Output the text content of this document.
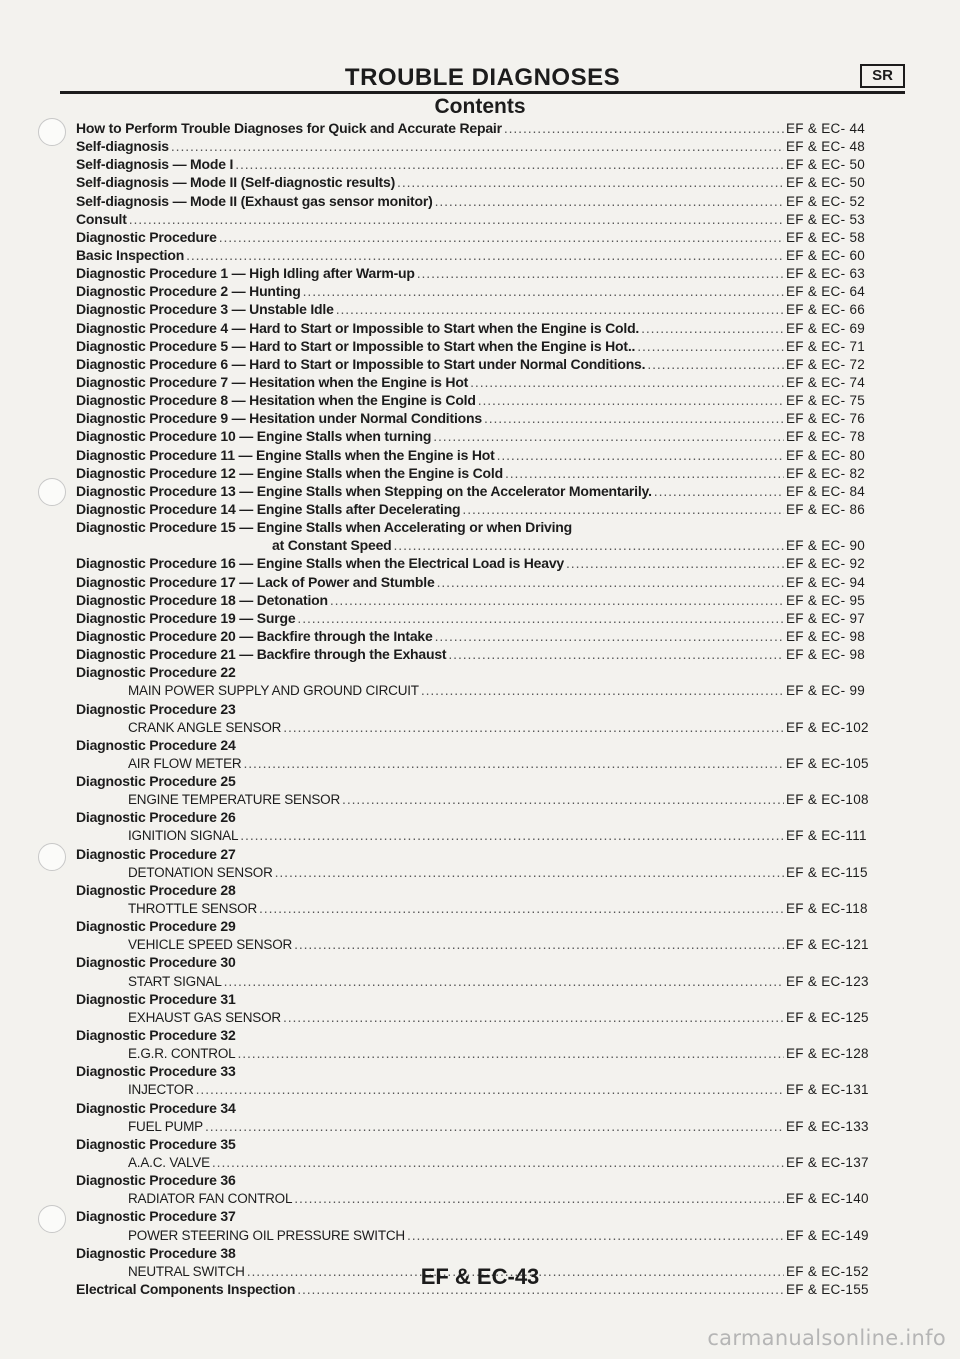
TROUBLE DIAGNOSES	SR
Contents
How to Perform Trouble Diagnoses for Quick and Accurate Repair . . .	EF & EC- 44
Self-diagnosis . . .	EF & EC- 48
Self-diagnosis — Mode I . . .	EF & EC- 50
Self-diagnosis — Mode II (Self-diagnostic results) . . .	EF & EC- 50
Self-diagnosis — Mode II (Exhaust gas sensor monitor) . . .	EF & EC- 52
Consult . . .	EF & EC- 53
Diagnostic Procedure . . .	EF & EC- 58
Basic Inspection . . .	EF & EC- 60
Diagnostic Procedure 1 — High Idling after Warm-up . . .	EF & EC- 63
Diagnostic Procedure 2 — Hunting . . .	EF & EC- 64
Diagnostic Procedure 3 — Unstable Idle . . .	EF & EC- 66
Diagnostic Procedure 4 — Hard to Start or Impossible to Start when the Engine is Cold. . . .	EF & EC- 69
Diagnostic Procedure 5 — Hard to Start or Impossible to Start when the Engine is Hot.. . . .	EF & EC- 71
Diagnostic Procedure 6 — Hard to Start or Impossible to Start under Normal Conditions. . . .	EF & EC- 72
Diagnostic Procedure 7 — Hesitation when the Engine is Hot . . .	EF & EC- 74
Diagnostic Procedure 8 — Hesitation when the Engine is Cold . . .	EF & EC- 75
Diagnostic Procedure 9 — Hesitation under Normal Conditions . . .	EF & EC- 76
Diagnostic Procedure 10 — Engine Stalls when turning . . .	EF & EC- 78
Diagnostic Procedure 11 — Engine Stalls when the Engine is Hot . . .	EF & EC- 80
Diagnostic Procedure 12 — Engine Stalls when the Engine is Cold . . .	EF & EC- 82
Diagnostic Procedure 13 — Engine Stalls when Stepping on the Accelerator Momentarily. . . .	EF & EC- 84
Diagnostic Procedure 14 — Engine Stalls after Decelerating . . .	EF & EC- 86
Diagnostic Procedure 15 — Engine Stalls when Accelerating or when Driving
at Constant Speed . . .	EF & EC- 90
Diagnostic Procedure 16 — Engine Stalls when the Electrical Load is Heavy . . .	EF & EC- 92
Diagnostic Procedure 17 — Lack of Power and Stumble . . .	EF & EC- 94
Diagnostic Procedure 18 — Detonation . . .	EF & EC- 95
Diagnostic Procedure 19 — Surge . . .	EF & EC- 97
Diagnostic Procedure 20 — Backfire through the Intake . . .	EF & EC- 98
Diagnostic Procedure 21 — Backfire through the Exhaust . . .	EF & EC- 98
Diagnostic Procedure 22
MAIN POWER SUPPLY AND GROUND CIRCUIT . . .	EF & EC- 99
Diagnostic Procedure 23
CRANK ANGLE SENSOR . . .	EF & EC-102
Diagnostic Procedure 24
AIR FLOW METER . . .	EF & EC-105
Diagnostic Procedure 25
ENGINE TEMPERATURE SENSOR . . .	EF & EC-108
Diagnostic Procedure 26
IGNITION SIGNAL . . .	EF & EC-111
Diagnostic Procedure 27
DETONATION SENSOR . . .	EF & EC-115
Diagnostic Procedure 28
THROTTLE SENSOR . . .	EF & EC-118
Diagnostic Procedure 29
VEHICLE SPEED SENSOR . . .	EF & EC-121
Diagnostic Procedure 30
START SIGNAL . . .	EF & EC-123
Diagnostic Procedure 31
EXHAUST GAS SENSOR . . .	EF & EC-125
Diagnostic Procedure 32
E.G.R. CONTROL . . .	EF & EC-128
Diagnostic Procedure 33
INJECTOR . . .	EF & EC-131
Diagnostic Procedure 34
FUEL PUMP . . .	EF & EC-133
Diagnostic Procedure 35
A.A.C. VALVE . . .	EF & EC-137
Diagnostic Procedure 36
RADIATOR FAN CONTROL . . .	EF & EC-140
Diagnostic Procedure 37
POWER STEERING OIL PRESSURE SWITCH . . .	EF & EC-149
Diagnostic Procedure 38
NEUTRAL SWITCH . . .	EF & EC-152
Electrical Components Inspection . . .	EF & EC-155
EF & EC-43
carmanualsonline.info
